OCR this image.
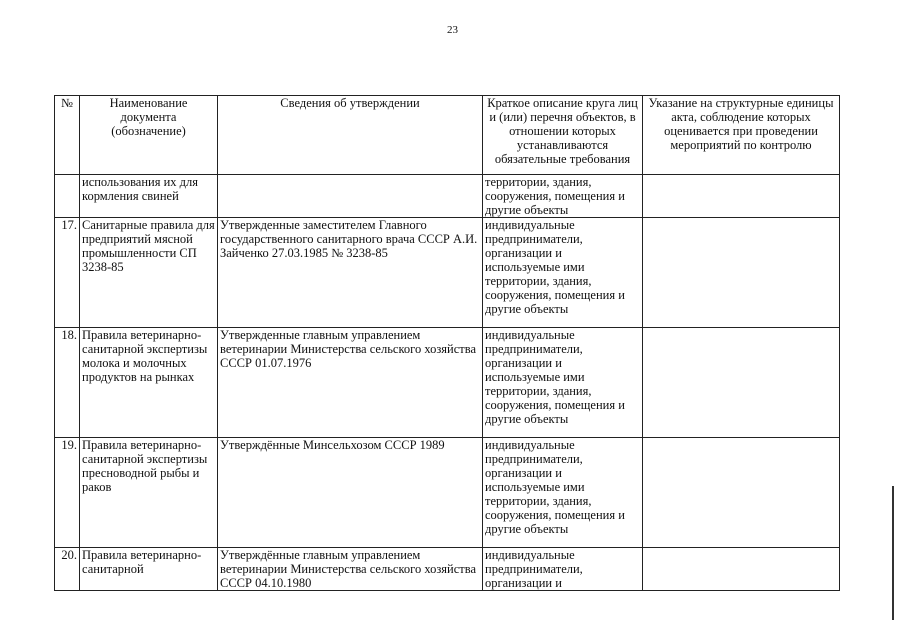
23
№	Наименование документа (обозначение)	Сведения об утверждении	Краткое описание круга лиц и (или) перечня объектов, в отношении которых устанавливаются обязательные требования	Указание на структурные единицы акта, соблюдение которых оценивается при проведении мероприятий по контролю
	использования их для кормления свиней		территории, здания, сооружения, помещения и другие объекты	
17.	Санитарные правила для предприятий мясной промышленности СП 3238-85	Утвержденные заместителем Главного государственного санитарного врача СССР А.И. Зайченко 27.03.1985 № 3238-85	индивидуальные предприниматели, организации и используемые ими территории, здания, сооружения, помещения и другие объекты	
18.	Правила ветеринарно-санитарной экспертизы молока и молочных продуктов на рынках	Утвержденные главным управлением ветеринарии Министерства сельского хозяйства СССР 01.07.1976	индивидуальные предприниматели, организации и используемые ими территории, здания, сооружения, помещения и другие объекты	
19.	Правила ветеринарно-санитарной экспертизы пресноводной рыбы и раков	Утверждённые Минсельхозом СССР 1989	индивидуальные предприниматели, организации и используемые ими территории, здания, сооружения, помещения и другие объекты	
20.	Правила ветеринарно-санитарной	Утверждённые главным управлением ветеринарии Министерства сельского хозяйства СССР 04.10.1980	индивидуальные предприниматели, организации и	
